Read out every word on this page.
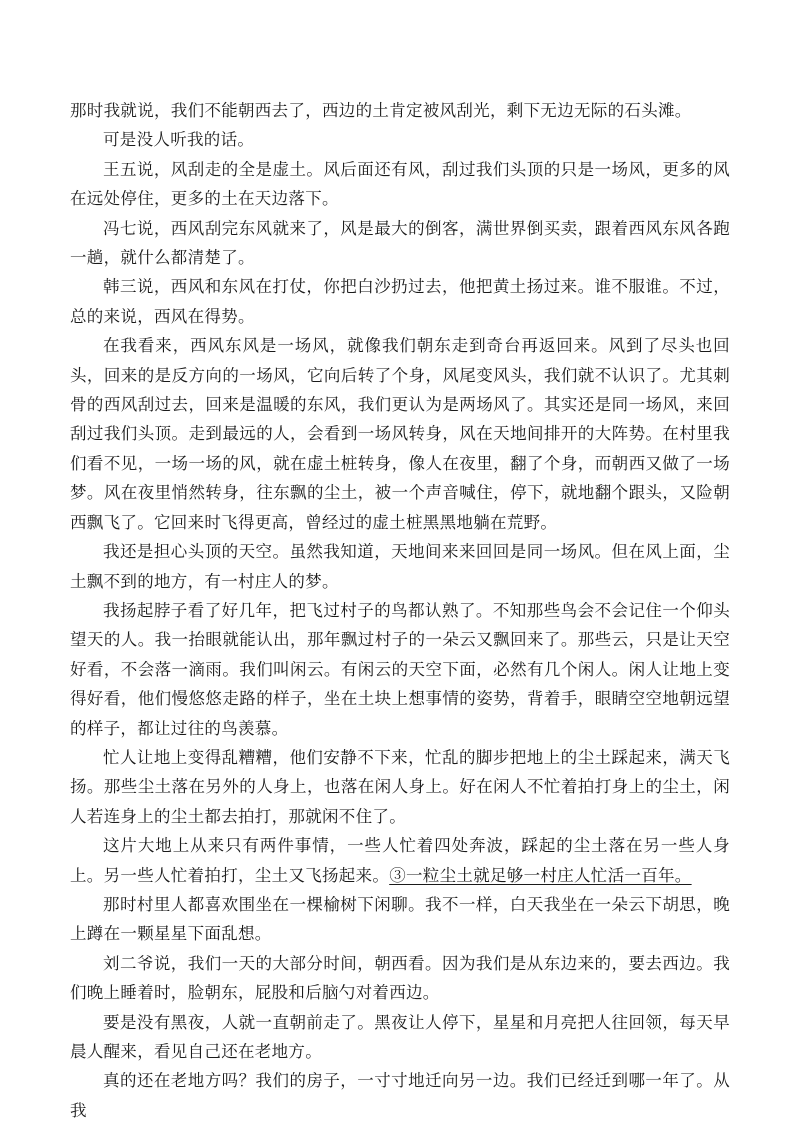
那时我就说，我们不能朝西去了，西边的土肯定被风刮光，剩下无边无际的石头滩。

可是没人听我的话。

王五说，风刮走的全是虚土。风后面还有风，刮过我们头顶的只是一场风，更多的风在远处停住，更多的土在天边落下。

冯七说，西风刮完东风就来了，风是最大的倒客，满世界倒买卖，跟着西风东风各跑一趟，就什么都清楚了。

韩三说，西风和东风在打仗，你把白沙扔过去，他把黄土扬过来。谁不服谁。不过，总的来说，西风在得势。

在我看来，西风东风是一场风，就像我们朝东走到奇台再返回来。风到了尽头也回头，回来的是反方向的一场风，它向后转了个身，风尾变风头，我们就不认识了。尤其刺骨的西风刮过去，回来是温暖的东风，我们更认为是两场风了。其实还是同一场风，来回刮过我们头顶。走到最远的人，会看到一场风转身，风在天地间排开的大阵势。在村里我们看不见，一场一场的风，就在虚土桩转身，像人在夜里，翻了个身，而朝西又做了一场梦。风在夜里悄然转身，往东飘的尘土，被一个声音喊住，停下，就地翻个跟头，又险朝西飘飞了。它回来时飞得更高，曾经过的虚土桩黑黑地躺在荒野。

我还是担心头顶的天空。虽然我知道，天地间来来回回是同一场风。但在风上面，尘土飘不到的地方，有一村庄人的梦。

我扬起脖子看了好几年，把飞过村子的鸟都认熟了。不知那些鸟会不会记住一个仰头望天的人。我一抬眼就能认出，那年飘过村子的一朵云又飘回来了。那些云，只是让天空好看，不会落一滴雨。我们叫闲云。有闲云的天空下面，必然有几个闲人。闲人让地上变得好看，他们慢悠悠走路的样子，坐在土块上想事情的姿势，背着手，眼睛空空地朝远望的样子，都让过往的鸟羡慕。

忙人让地上变得乱糟糟，他们安静不下来，忙乱的脚步把地上的尘土踩起来，满天飞扬。那些尘土落在另外的人身上，也落在闲人身上。好在闲人不忙着拍打身上的尘土，闲人若连身上的尘土都去拍打，那就闲不住了。

这片大地上从来只有两件事情，一些人忙着四处奔波，踩起的尘土落在另一些人身上。另一些人忙着拍打，尘土又飞扬起来。③一粒尘土就足够一村庄人忙活一百年。

那时村里人都喜欢围坐在一棵榆树下闲聊。我不一样，白天我坐在一朵云下胡思，晚上蹲在一颗星星下面乱想。

刘二爷说，我们一天的大部分时间，朝西看。因为我们是从东边来的，要去西边。我们晚上睡着时，脸朝东，屁股和后脑勺对着西边。

要是没有黑夜，人就一直朝前走了。黑夜让人停下，星星和月亮把人往回领，每天早晨人醒来，看见自己还在老地方。

真的还在老地方吗？我们的房子，一寸寸地迁向另一边。我们已经迁到哪一年了。从我
